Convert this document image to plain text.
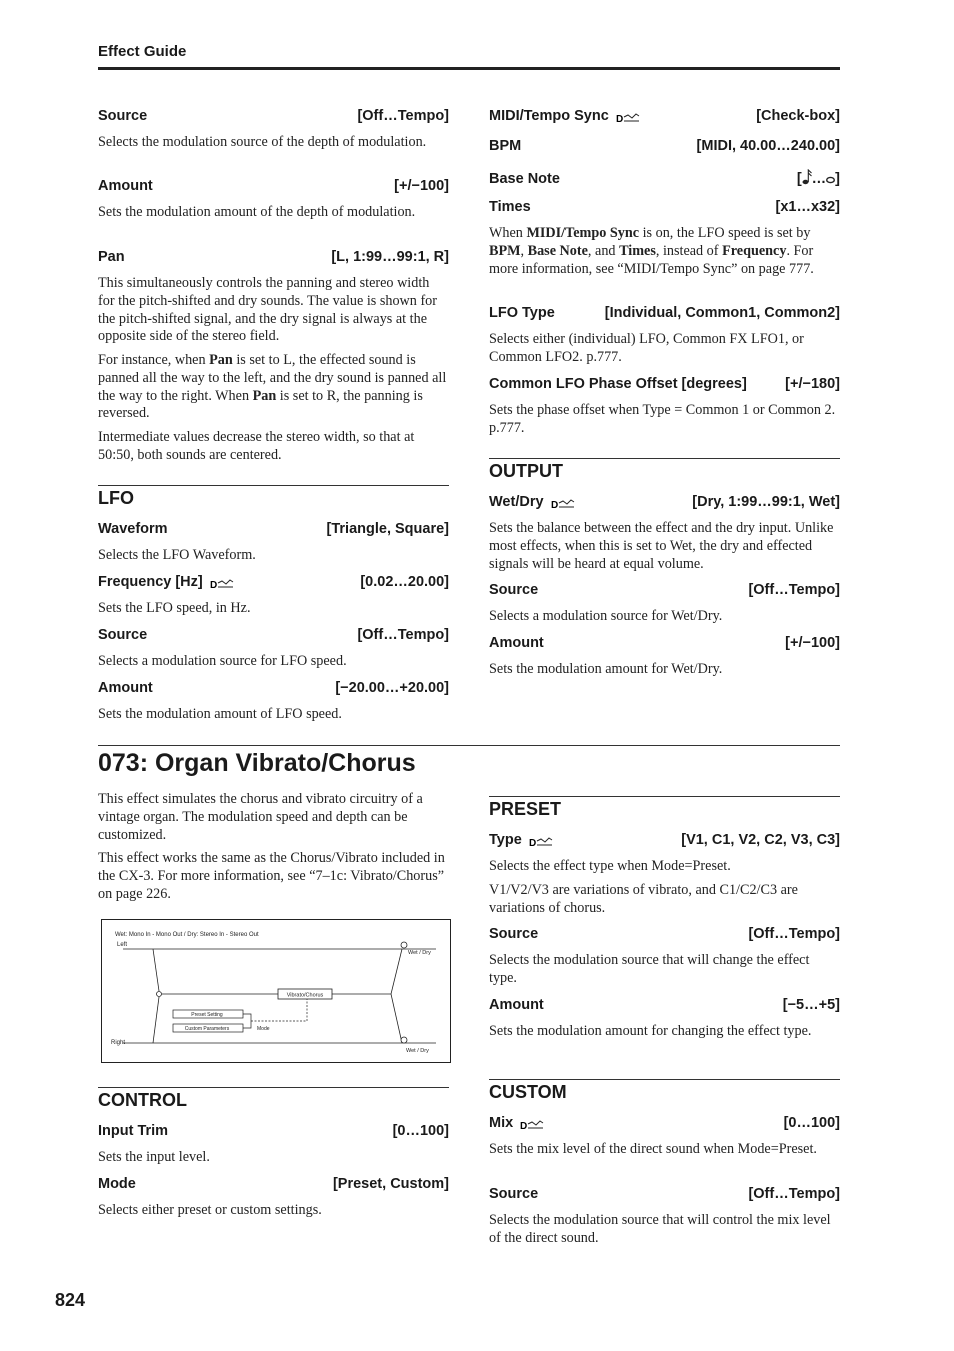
Effect Guide
Source	[Off…Tempo]
Selects the modulation source of the depth of modulation.
Amount	[+/−100]
Sets the modulation amount of the depth of modulation.
Pan	[L, 1:99…99:1, R]
This simultaneously controls the panning and stereo width for the pitch-shifted and dry sounds. The value is shown for the pitch-shifted signal, and the dry signal is always at the opposite side of the stereo field.
For instance, when Pan is set to L, the effected sound is panned all the way to the left, and the dry sound is panned all the way to the right. When Pan is set to R, the panning is reversed.
Intermediate values decrease the stereo width, so that at 50:50, both sounds are centered.
LFO
Waveform	[Triangle, Square]
Selects the LFO Waveform.
Frequency [Hz] D	[0.02…20.00]
Sets the LFO speed, in Hz.
Source	[Off…Tempo]
Selects a modulation source for LFO speed.
Amount	[−20.00…+20.00]
Sets the modulation amount of LFO speed.
MIDI/Tempo Sync D	[Check-box]
BPM	[MIDI, 40.00…240.00]
Base Note	[ … ]
Times	[x1…x32]
When MIDI/Tempo Sync is on, the LFO speed is set by BPM, Base Note, and Times, instead of Frequency. For more information, see “MIDI/Tempo Sync” on page 777.
LFO Type	[Individual, Common1, Common2]
Selects either (individual) LFO, Common FX LFO1, or Common LFO2. p.777.
Common LFO Phase Offset [degrees]	[+/−180]
Sets the phase offset when Type = Common 1 or Common 2. p.777.
OUTPUT
Wet/Dry D	[Dry, 1:99…99:1, Wet]
Sets the balance between the effect and the dry input. Unlike most effects, when this is set to Wet, the dry and effected signals will be heard at equal volume.
Source	[Off…Tempo]
Selects a modulation source for Wet/Dry.
Amount	[+/−100]
Sets the modulation amount for Wet/Dry.
073: Organ Vibrato/Chorus
This effect simulates the chorus and vibrato circuitry of a vintage organ. The modulation speed and depth can be customized.
This effect works the same as the Chorus/Vibrato included in the CX-3. For more information, see “7–1c: Vibrato/Chorus” on page 226.
Wet: Mono In - Mono Out / Dry: Stereo In - Stereo Out
Left
Right
Vibrato/Chorus
Wet / Dry
Wet / Dry
Preset Setting
Custom Parameters	Mode
CONTROL
Input Trim	[0…100]
Sets the input level.
Mode	[Preset, Custom]
Selects either preset or custom settings.
PRESET
Type D	[V1, C1, V2, C2, V3, C3]
Selects the effect type when Mode=Preset.
V1/V2/V3 are variations of vibrato, and C1/C2/C3 are variations of chorus.
Source	[Off…Tempo]
Selects the modulation source that will change the effect type.
Amount	[−5…+5]
Sets the modulation amount for changing the effect type.
CUSTOM
Mix D	[0…100]
Sets the mix level of the direct sound when Mode=Preset.
Source	[Off…Tempo]
Selects the modulation source that will control the mix level of the direct sound.
824
